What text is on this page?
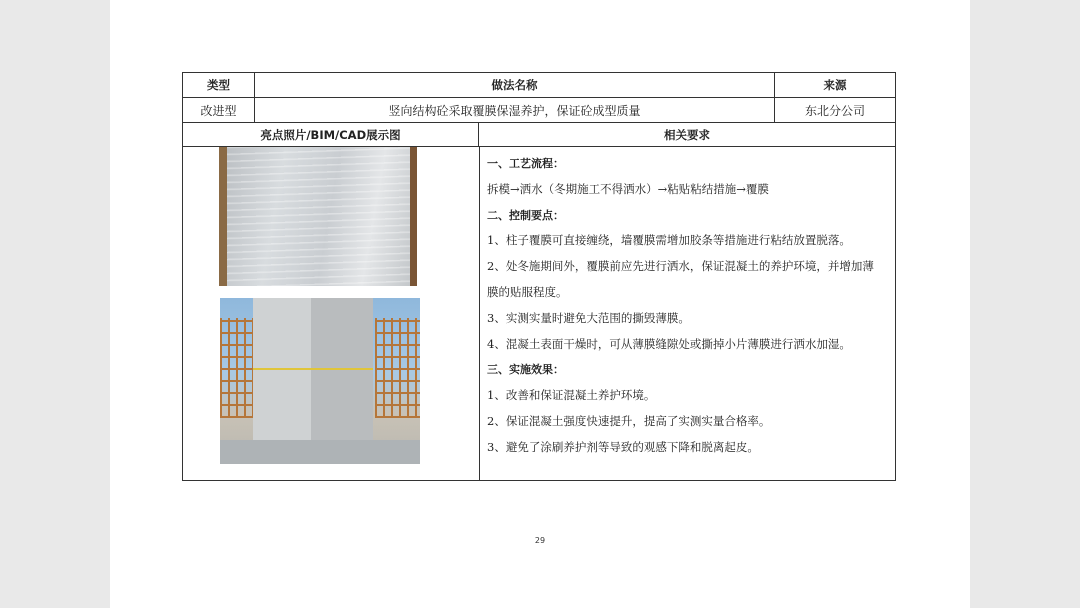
类型	做法名称	来源
改进型	竖向结构砼采取覆膜保湿养护，保证砼成型质量	东北分公司
亮点照片/BIM/CAD展示图	相关要求

一、工艺流程：

拆模→洒水（冬期施工不得洒水）→粘贴粘结措施→覆膜

二、控制要点：

1、柱子覆膜可直接缠绕，墙覆膜需增加胶条等措施进行粘结放置脱落。

2、处冬施期间外，覆膜前应先进行洒水，保证混凝土的养护环境，并增加薄

膜的贴服程度。

3、实测实量时避免大范围的撕毁薄膜。

4、混凝土表面干燥时，可从薄膜缝隙处或撕掉小片薄膜进行洒水加湿。

三、实施效果：

1、改善和保证混凝土养护环境。

2、保证混凝土强度快速提升，提高了实测实量合格率。

3、避免了涂刷养护剂等导致的观感下降和脱离起皮。

29
